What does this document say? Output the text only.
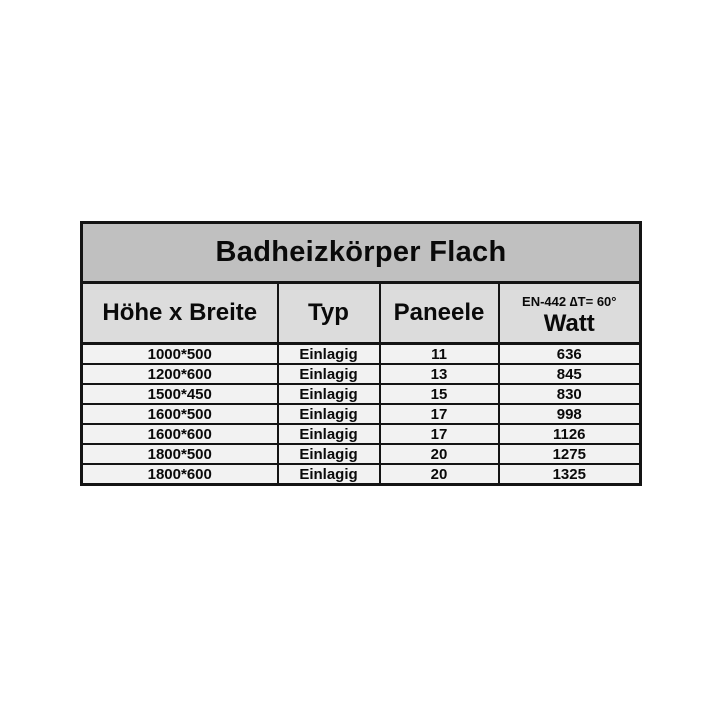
Badheizkörper Flach			
Höhe x Breite	Typ	Paneele	EN-442 ∆T= 60°
Watt

1000*500	Einlagig	11	636
1200*600	Einlagig	13	845
1500*450	Einlagig	15	830
1600*500	Einlagig	17	998
1600*600	Einlagig	17	1126
1800*500	Einlagig	20	1275
1800*600	Einlagig	20	1325
